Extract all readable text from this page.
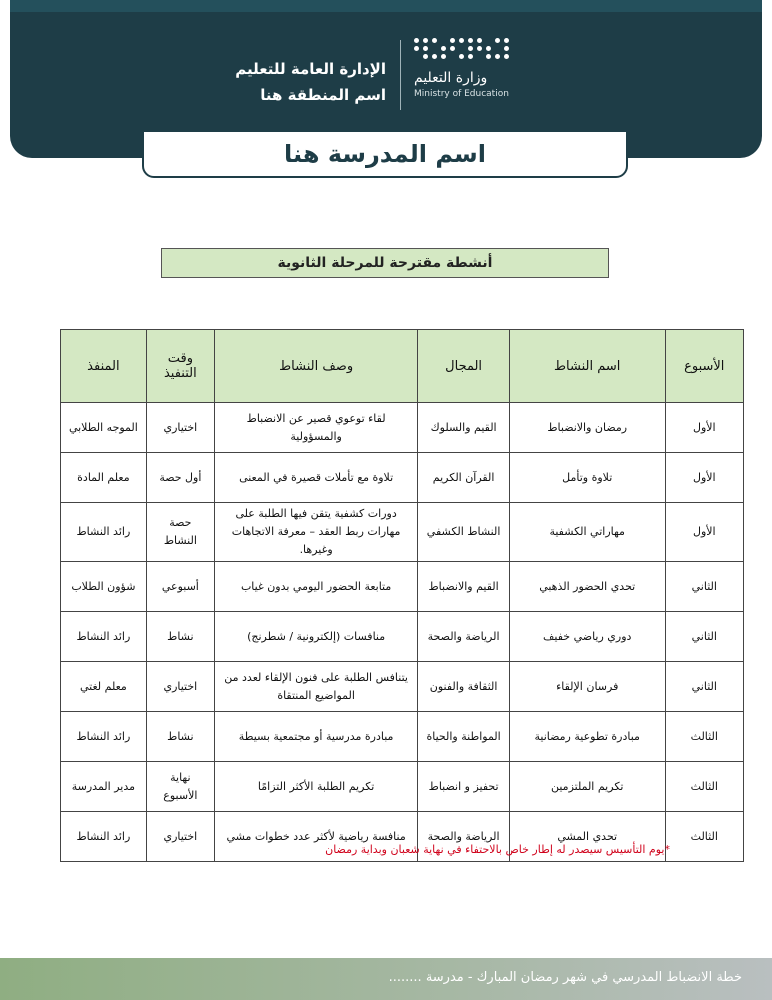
الإدارة العامة للتعليم
اسم المنطقة هنا
وزارة التعليم
Ministry of Education
اسم المدرسة هنا
أنشطة مقترحة للمرحلة الثانوية
الأسبوع	اسم النشاط	المجال	وصف النشاط	وقت التنفيذ	المنفذ
الأول	رمضان والانضباط	القيم والسلوك	لقاء توعوي قصير عن الانضباط والمسؤولية	اختياري	الموجه الطلابي
الأول	تلاوة وتأمل	القرآن الكريم	تلاوة مع تأملات قصيرة في المعنى	أول حصة	معلم المادة
الأول	مهاراتي الكشفية	النشاط الكشفي	دورات كشفية يتقن فيها الطلبة على مهارات ربط العقد – معرفة الاتجاهات وغيرها.	حصة النشاط	رائد النشاط
الثاني	تحدي الحضور الذهبي	القيم والانضباط	متابعة الحضور اليومي بدون غياب	أسبوعي	شؤون الطلاب
الثاني	دوري رياضي خفيف	الرياضة والصحة	منافسات (إلكترونية / شطرنج)	نشاط	رائد النشاط
الثاني	فرسان الإلقاء	الثقافة والفنون	يتنافس الطلبة على فنون الإلقاء لعدد من المواضيع المنتقاة	اختياري	معلم لغتي
الثالث	مبادرة تطوعية رمضانية	المواطنة والحياة	مبادرة مدرسية أو مجتمعية بسيطة	نشاط	رائد النشاط
الثالث	تكريم الملتزمين	تحفيز و انضباط	تكريم الطلبة الأكثر التزامًا	نهاية الأسبوع	مدير المدرسة
الثالث	تحدي المشي	الرياضة والصحة	منافسة رياضية لأكثر عدد خطوات مشي	اختياري	رائد النشاط
*يوم التأسيس سيصدر له إطار خاص بالاحتفاء في نهاية شعبان وبداية رمضان
خطة الانضباط المدرسي في شهر رمضان المبارك - مدرسة ........
